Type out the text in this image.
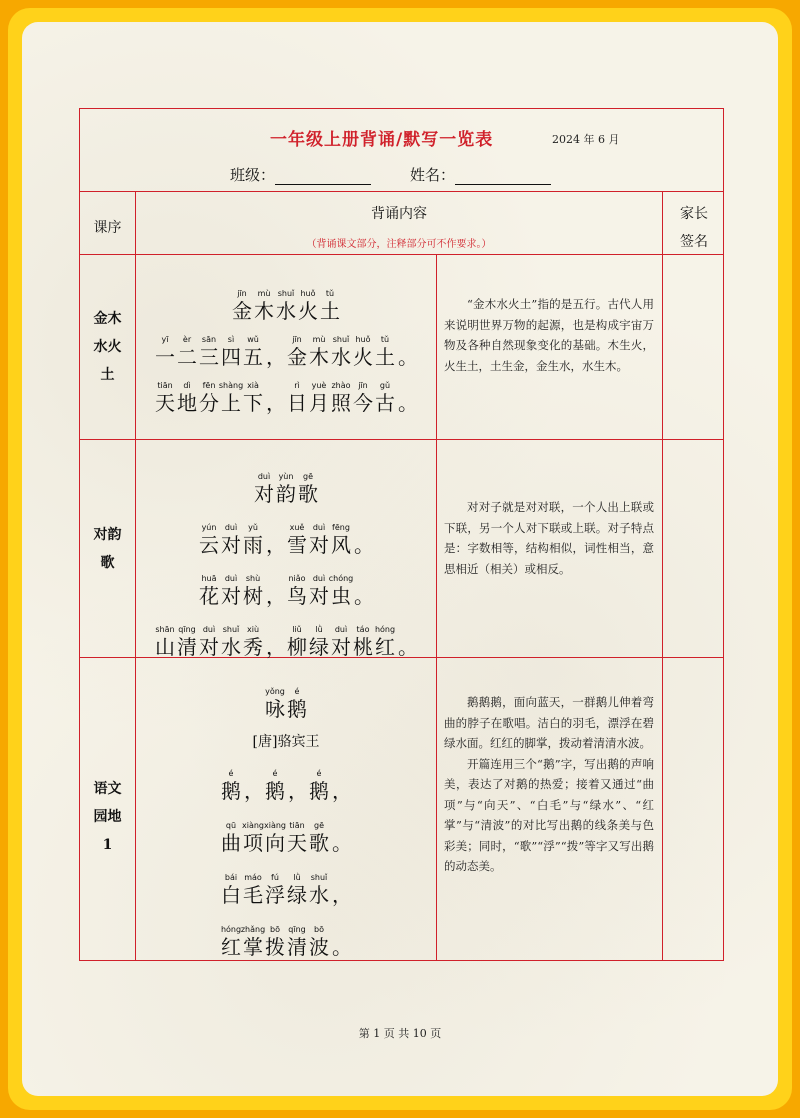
一年级上册背诵/默写一览表	2024 年 6 月
班级：	姓名：
课序
背诵内容
（背诵课文部分，注释部分可不作要求。）
家长
签名
金木
水火
土
jīn
金
mù
木
shuǐ
水
huǒ
火
tǔ
土
yī
一
èr
二
sān
三
sì
四
wǔ
五 ，
jīn
金
mù
木
shuǐ
水
huǒ
火
tǔ
土 。
tiān
天
dì
地
fēn
分
shàng
上
xià
下 ，
rì
日
yuè
月
zhào
照
jīn
今
gǔ
古 。

“金木水火土”指的是五行。古代人用来说明世界万物的起源，也是构成宇宙万物及各种自然现象变化的基础。木生火，火生土，土生金，金生水，水生木。

对韵
歌
duì
对
yùn
韵
gē
歌
yún
云
duì
对
yǔ
雨 ，
xuě
雪
duì
对
fēng
风 。
huā
花
duì
对
shù
树 ，
niǎo
鸟
duì
对
chóng
虫 。
shān
山
qīng
清
duì
对
shuǐ
水
xiù
秀 ，
liǔ
柳
lǜ
绿
duì
对
táo
桃
hóng
红 。

对对子就是对对联，一个人出上联或下联，另一个人对下联或上联。对子特点是：字数相等，结构相似，词性相当，意思相近（相关）或相反。

语文
园地
1
yǒng
咏
é
鹅
[唐]骆宾王
é
鹅 ，
é
鹅 ，
é
鹅 ，
qū
曲
xiàng
项
xiàng
向
tiān
天
gē
歌 。
bái
白
máo
毛
fú
浮
lǜ
绿
shuǐ
水 ，
hóng
红
zhǎng
掌
bō
拨
qīng
清
bō
波 。

鹅鹅鹅，面向蓝天，一群鹅儿伸着弯曲的脖子在歌唱。洁白的羽毛，漂浮在碧绿水面。红红的脚掌，拨动着清清水波。

开篇连用三个“鹅”字，写出鹅的声响美，表达了对鹅的热爱；接着又通过“曲项”与“向天”、“白毛”与“绿水”、“红掌”与“清波”的对比写出鹅的线条美与色彩美；同时，“歌”“浮”“拨”等字又写出鹅的动态美。

第 1 页 共 10 页
